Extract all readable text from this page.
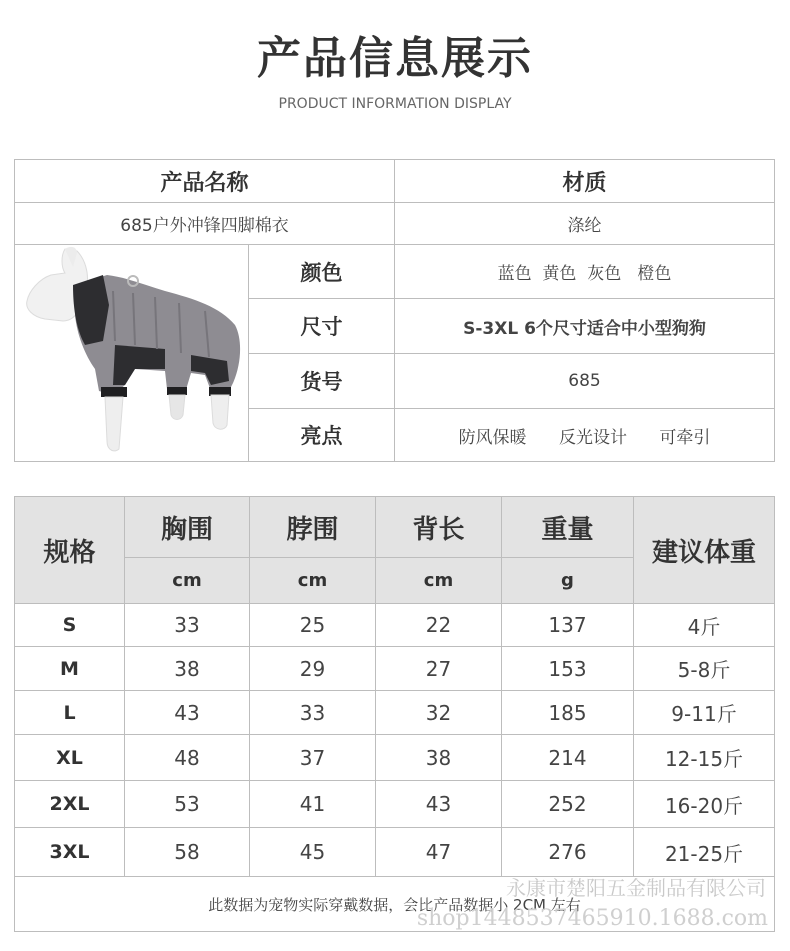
产品信息展示
PRODUCT INFORMATION DISPLAY
产品名称	材质
685户外冲锋四脚棉衣	涤纶
颜色	蓝色  黄色  灰色   橙色
尺寸	S-3XL 6个尺寸适合中小型狗狗
货号	685
亮点	防风保暖      反光设计      可牵引
规格
胸围	脖围	背长	重量
cm	cm	cm	g
建议体重
S	33	25	22	137	4斤
M	38	29	27	153	5-8斤
L	43	33	32	185	9-11斤
XL	48	37	38	214	12-15斤
2XL	53	41	43	252	16-20斤
3XL	58	45	47	276	21-25斤
此数据为宠物实际穿戴数据，会比产品数据小 2CM 左右
永康市楚阳五金制品有限公司
shop1448537465910.1688.com
